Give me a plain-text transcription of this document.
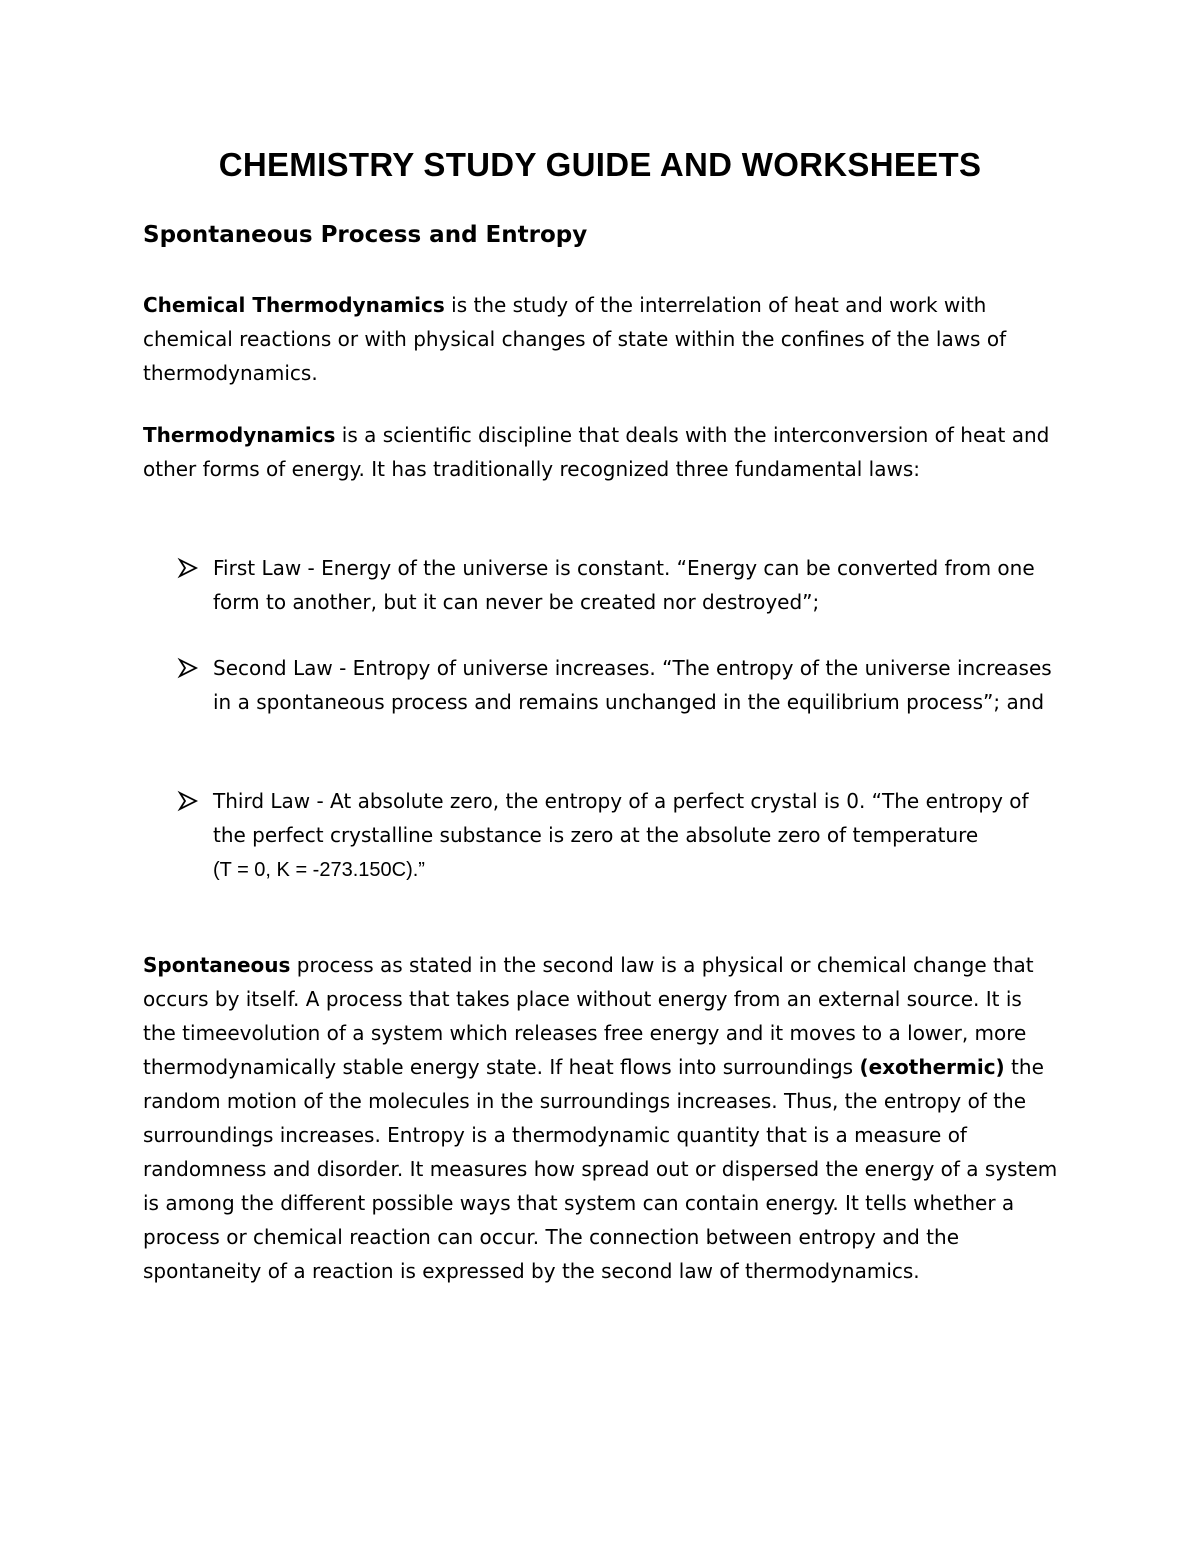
CHEMISTRY STUDY GUIDE AND WORKSHEETS
Spontaneous Process and Entropy

Chemical Thermodynamics is the study of the interrelation of heat and work with chemical reactions or with physical changes of state within the confines of the laws of thermodynamics.

Thermodynamics is a scientific discipline that deals with the interconversion of heat and other forms of energy. It has traditionally recognized three fundamental laws:

First Law - Energy of the universe is constant. “Energy can be converted from one form to another, but it can never be created nor destroyed”;
Second Law - Entropy of universe increases. “The entropy of the universe increases in a spontaneous process and remains unchanged in the equilibrium process”; and
Third Law - At absolute zero, the entropy of a perfect crystal is 0. “The entropy of the perfect crystalline substance is zero at the absolute zero of temperature
(T = 0, K = -273.150C).”

Spontaneous process as stated in the second law is a physical or chemical change that occurs by itself. A process that takes place without energy from an external source. It is the timeevolution of a system which releases free energy and it moves to a lower, more thermodynamically stable energy state. If heat flows into surroundings (exothermic) the random motion of the molecules in the surroundings increases. Thus, the entropy of the surroundings increases. Entropy is a thermodynamic quantity that is a measure of randomness and disorder. It measures how spread out or dispersed the energy of a system is among the different possible ways that system can contain energy. It tells whether a process or chemical reaction can occur. The connection between entropy and the spontaneity of a reaction is expressed by the second law of thermodynamics.
